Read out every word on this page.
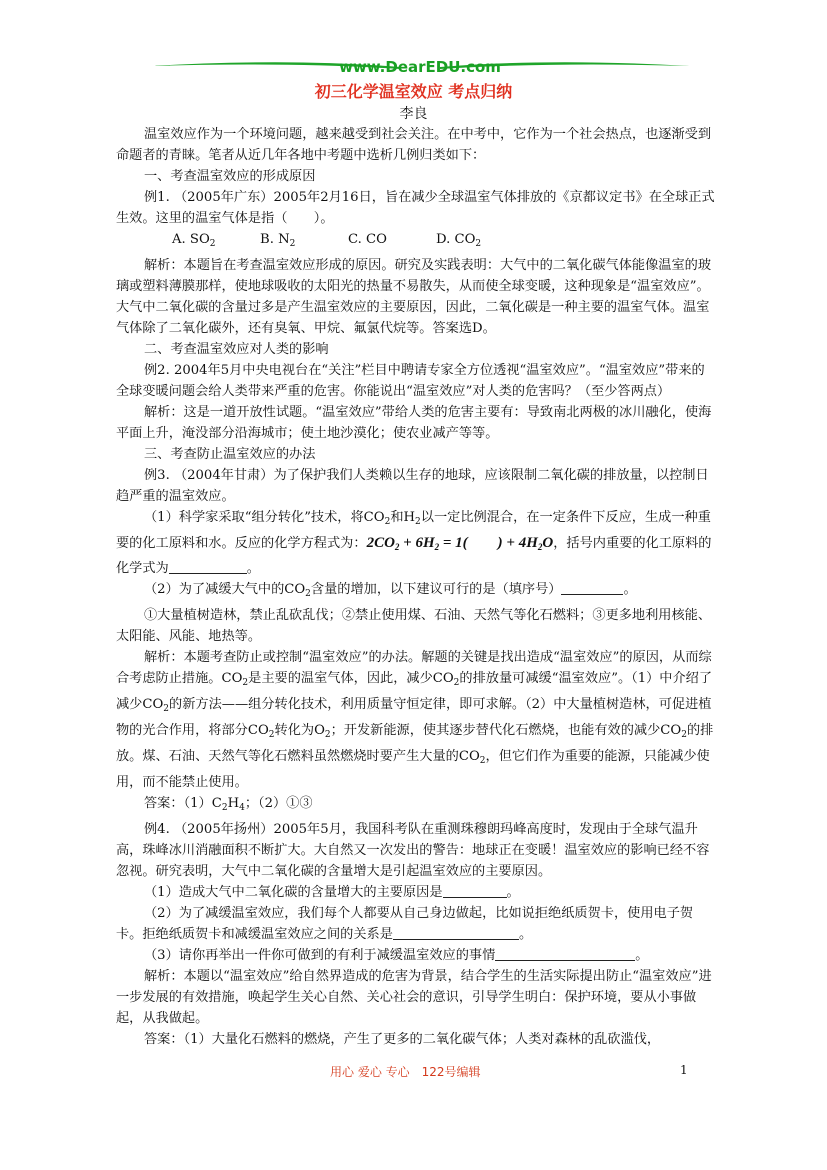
www.DearEDU.com
初三化学温室效应 考点归纳
李良

温室效应作为一个环境问题，越来越受到社会关注。在中考中，它作为一个社会热点，也逐渐受到命题者的青睐。笔者从近几年各地中考题中选析几例归类如下：

一、考查温室效应的形成原因

例1. （2005年广东）2005年2月16日，旨在减少全球温室气体排放的《京都议定书》在全球正式生效。这里的温室气体是指（　　）。

A. $SO_2$	B. $N_2$	C. CO	D. $CO_2$

解析：本题旨在考查温室效应形成的原因。研究及实践表明：大气中的二氧化碳气体能像温室的玻璃或塑料薄膜那样，使地球吸收的太阳光的热量不易散失，从而使全球变暖，这种现象是“温室效应”。大气中二氧化碳的含量过多是产生温室效应的主要原因，因此，二氧化碳是一种主要的温室气体。温室气体除了二氧化碳外，还有臭氧、甲烷、氟氯代烷等。答案选D。

二、考查温室效应对人类的影响

例2. 2004年5月中央电视台在“关注”栏目中聘请专家全方位透视“温室效应”。“温室效应”带来的全球变暖问题会给人类带来严重的危害。你能说出“温室效应”对人类的危害吗？（至少答两点）

解析：这是一道开放性试题。“温室效应”带给人类的危害主要有：导致南北两极的冰川融化，使海平面上升，淹没部分沿海城市；使土地沙漠化；使农业减产等等。

三、考查防止温室效应的办法

例3. （2004年甘肃）为了保护我们人类赖以生存的地球，应该限制二氧化碳的排放量，以控制日趋严重的温室效应。

（1）科学家采取“组分转化”技术，将$CO_2$和$H_2$以一定比例混合，在一定条件下反应，生成一种重要的化工原料和水。反应的化学方程式为：$2CO_2 + 6H_2 = 1$( ) + $4H_2O$，括号内重要的化工原料的化学式为	。

（2）为了减缓大气中的$CO_2$含量的增加，以下建议可行的是（填序号）	。

①大量植树造林，禁止乱砍乱伐；②禁止使用煤、石油、天然气等化石燃料；③更多地利用核能、太阳能、风能、地热等。

解析：本题考查防止或控制“温室效应”的办法。解题的关键是找出造成“温室效应”的原因，从而综合考虑防止措施。$CO_2$是主要的温室气体，因此，减少$CO_2$的排放量可减缓“温室效应”。（1）中介绍了减少$CO_2$的新方法——组分转化技术，利用质量守恒定律，即可求解。（2）中大量植树造林，可促进植物的光合作用，将部分$CO_2$转化为$O_2$；开发新能源，使其逐步替代化石燃烧，也能有效的减少$CO_2$的排放。煤、石油、天然气等化石燃料虽然燃烧时要产生大量的$CO_2$，但它们作为重要的能源，只能减少使用，而不能禁止使用。

答案：$(1)C_2H_4$；（2）①③

例4. （2005年扬州）2005年5月，我国科考队在重测珠穆朗玛峰高度时，发现由于全球气温升高，珠峰冰川消融面积不断扩大。大自然又一次发出的警告：地球正在变暖！温室效应的影响已经不容忽视。研究表明，大气中二氧化碳的含量增大是引起温室效应的主要原因。

（1）造成大气中二氧化碳的含量增大的主要原因是	。

（2）为了减缓温室效应，我们每个人都要从自己身边做起，比如说拒绝纸质贺卡，使用电子贺卡。拒绝纸质贺卡和减缓温室效应之间的关系是	。

（3）请你再举出一件你可做到的有利于减缓温室效应的事情	。

解析：本题以“温室效应”给自然界造成的危害为背景，结合学生的生活实际提出防止“温室效应”进一步发展的有效措施，唤起学生关心自然、关心社会的意识，引导学生明白：保护环境，要从小事做起，从我做起。

答案：（1）大量化石燃料的燃烧，产生了更多的二氧化碳气体；人类对森林的乱砍滥伐，

用心 爱心 专心　122号编辑	1
